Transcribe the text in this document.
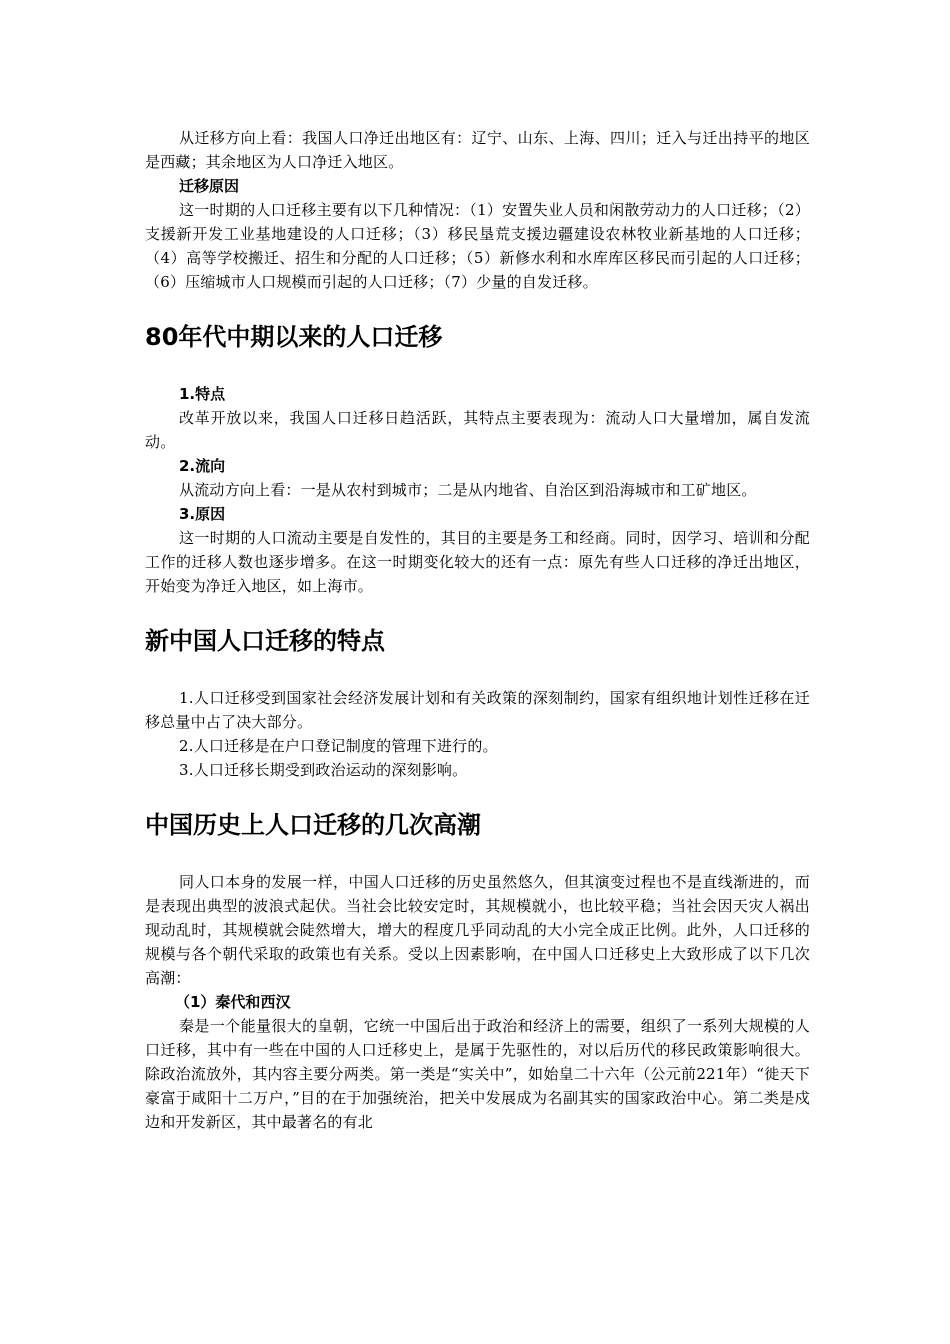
从迁移方向上看：我国人口净迁出地区有：辽宁、山东、上海、四川；迁入与迁出持平的地区是西藏；其余地区为人口净迁入地区。

迁移原因

这一时期的人口迁移主要有以下几种情况：（1）安置失业人员和闲散劳动力的人口迁移；（2）支援新开发工业基地建设的人口迁移；（3）移民垦荒支援边疆建设农林牧业新基地的人口迁移；（4）高等学校搬迁、招生和分配的人口迁移；（5）新修水利和水库库区移民而引起的人口迁移；（6）压缩城市人口规模而引起的人口迁移；（7）少量的自发迁移。

80年代中期以来的人口迁移
1.特点

改革开放以来，我国人口迁移日趋活跃，其特点主要表现为：流动人口大量增加，属自发流动。

2.流向

从流动方向上看：一是从农村到城市；二是从内地省、自治区到沿海城市和工矿地区。

3.原因

这一时期的人口流动主要是自发性的，其目的主要是务工和经商。同时，因学习、培训和分配工作的迁移人数也逐步增多。在这一时期变化较大的还有一点：原先有些人口迁移的净迁出地区，开始变为净迁入地区，如上海市。

新中国人口迁移的特点

1.人口迁移受到国家社会经济发展计划和有关政策的深刻制约，国家有组织地计划性迁移在迁移总量中占了决大部分。

2.人口迁移是在户口登记制度的管理下进行的。

3.人口迁移长期受到政治运动的深刻影响。

中国历史上人口迁移的几次高潮

同人口本身的发展一样，中国人口迁移的历史虽然悠久，但其演变过程也不是直线渐进的，而是表现出典型的波浪式起伏。当社会比较安定时，其规模就小，也比较平稳；当社会因天灾人祸出现动乱时，其规模就会陡然增大，增大的程度几乎同动乱的大小完全成正比例。此外，人口迁移的规模与各个朝代采取的政策也有关系。受以上因素影响，在中国人口迁移史上大致形成了以下几次高潮：

（1）秦代和西汉

秦是一个能量很大的皇朝，它统一中国后出于政治和经济上的需要，组织了一系列大规模的人口迁移，其中有一些在中国的人口迁移史上，是属于先驱性的，对以后历代的移民政策影响很大。除政治流放外，其内容主要分两类。第一类是“实关中”，如始皇二十六年（公元前221年）“徙天下豪富于咸阳十二万户，”目的在于加强统治，把关中发展成为名副其实的国家政治中心。第二类是戍边和开发新区，其中最著名的有北
